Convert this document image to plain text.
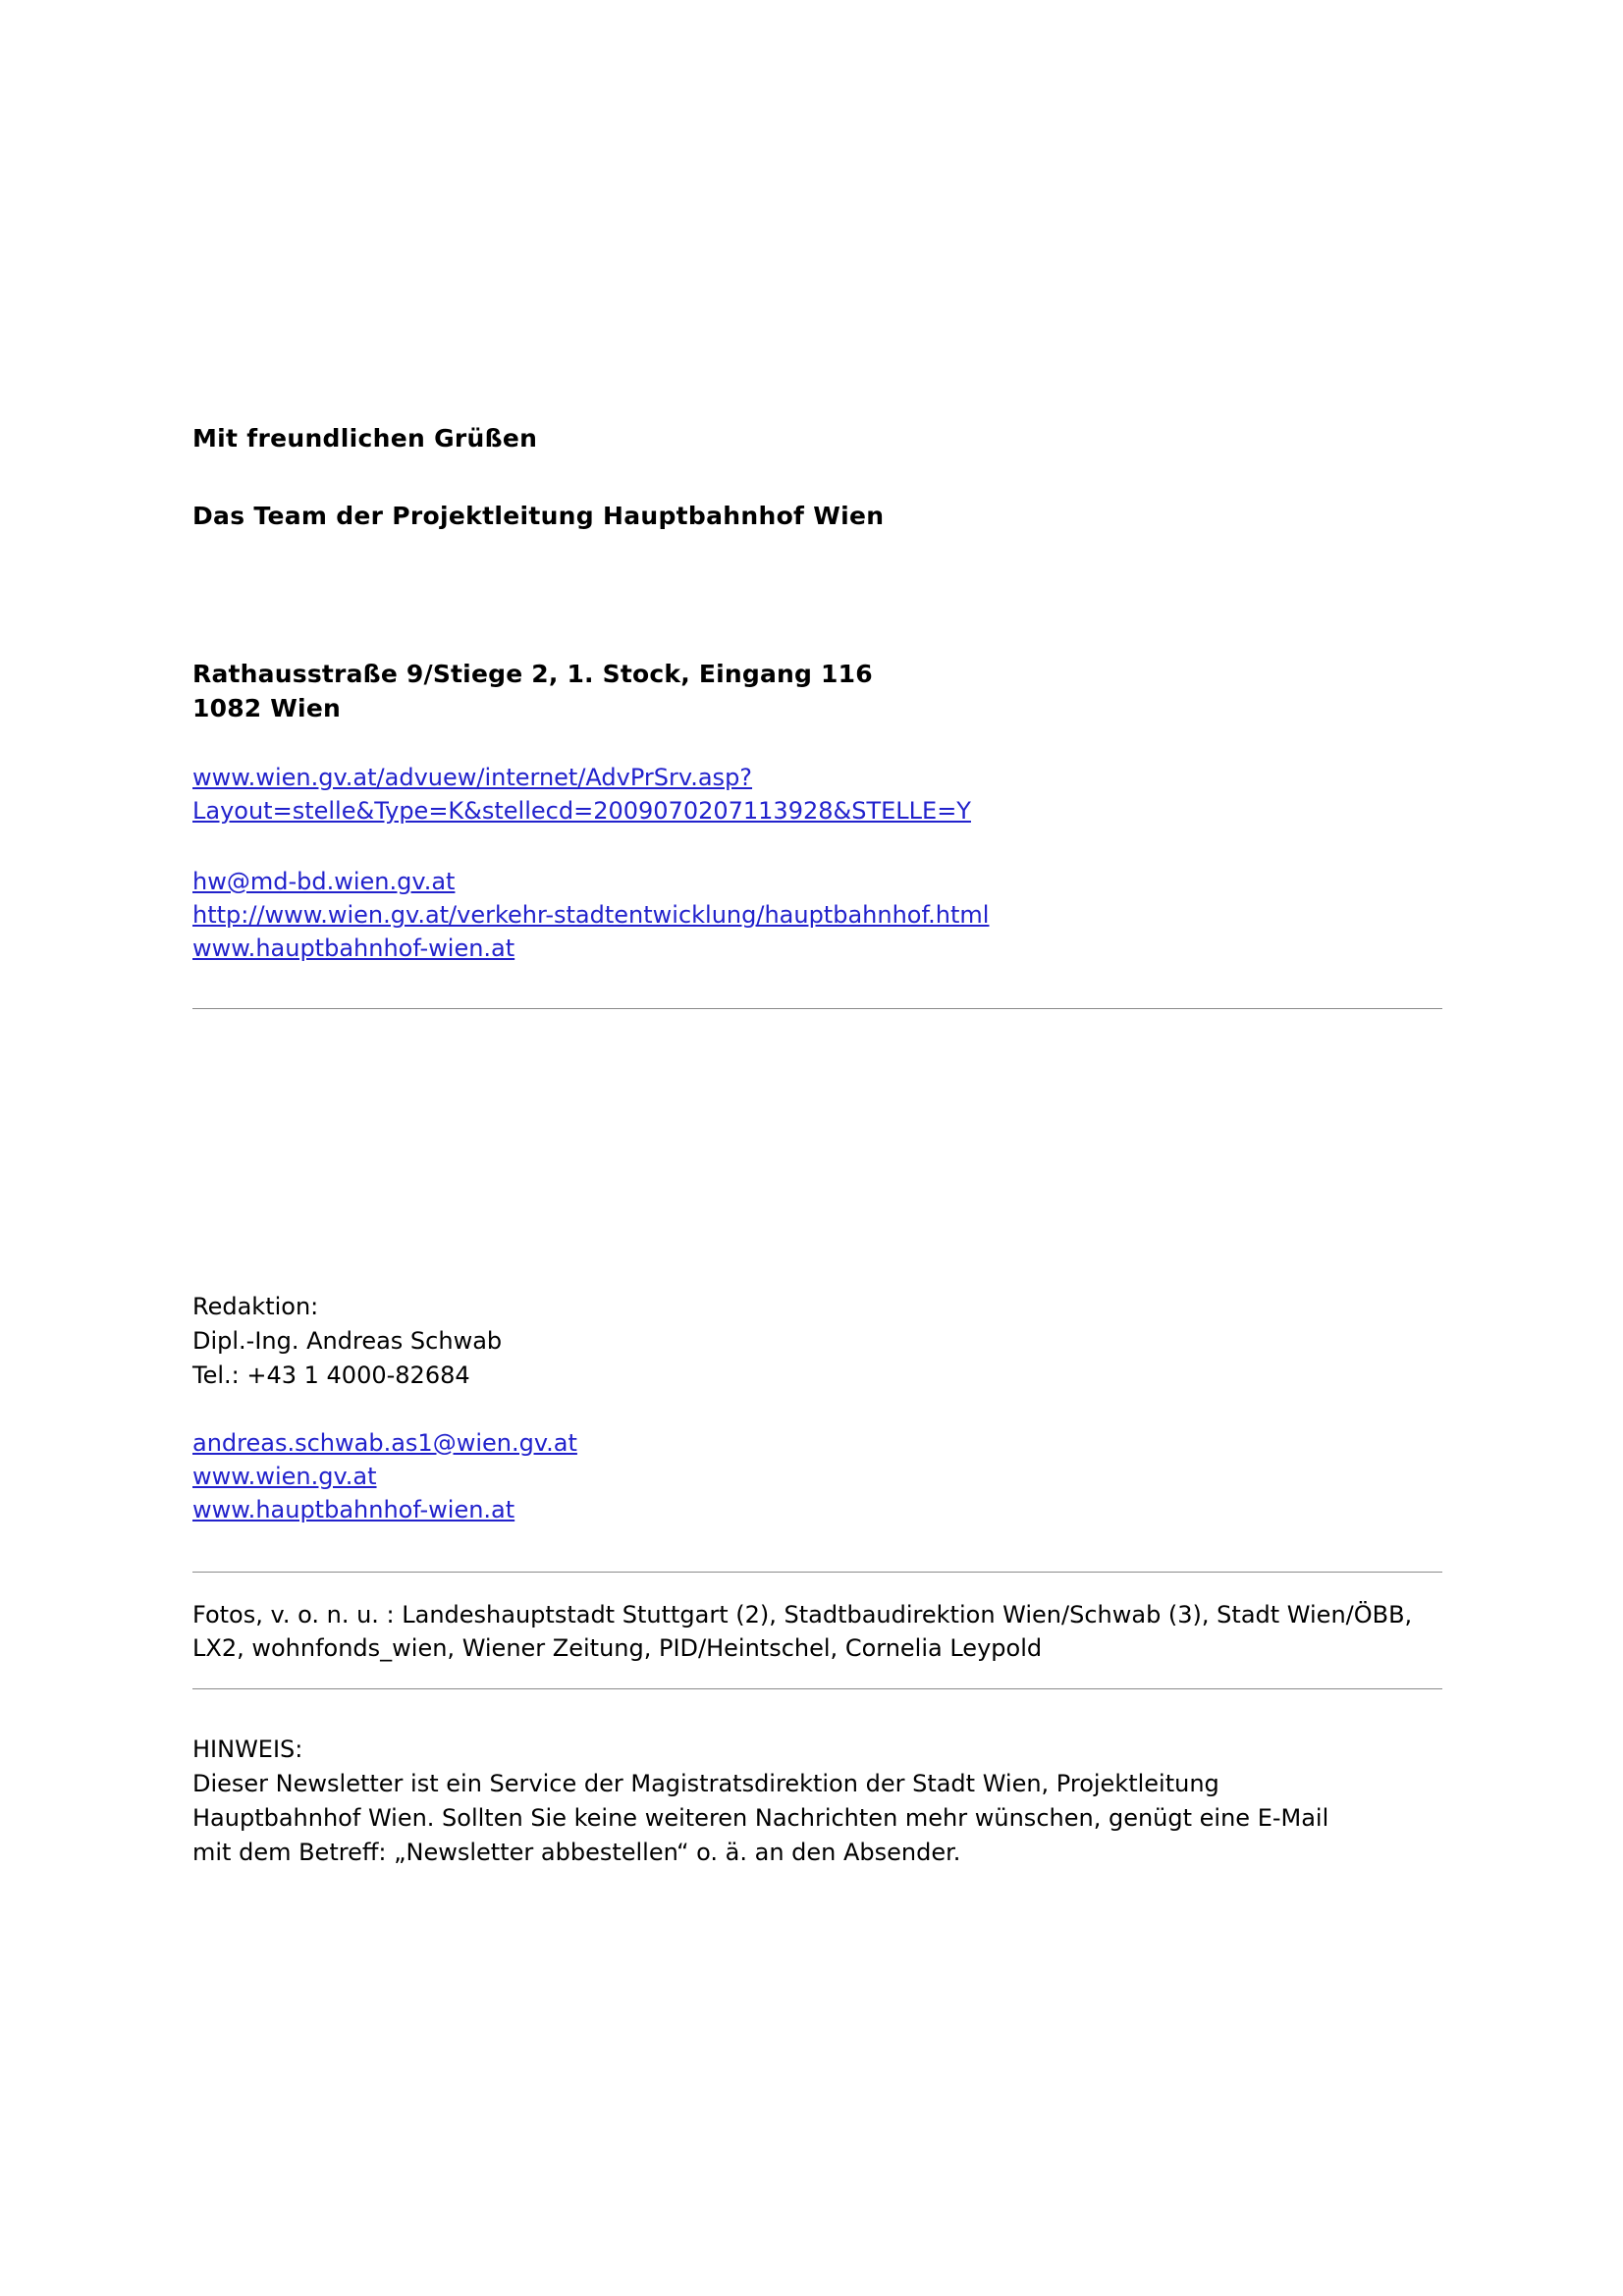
Mit freundlichen Grüßen

Das Team der Projektleitung Hauptbahnhof Wien

Rathausstraße 9/Stiege 2, 1. Stock, Eingang 116
1082 Wien
www.wien.gv.at/advuew/internet/AdvPrSrv.asp?
Layout=stelle&Type=K&stellecd=2009070207113928&STELLE=Y
hw@md-bd.wien.gv.at
http://www.wien.gv.at/verkehr-stadtentwicklung/hauptbahnhof.html
www.hauptbahnhof-wien.at
Redaktion:
Dipl.-Ing. Andreas Schwab
Tel.: +43 1 4000-82684
andreas.schwab.as1@wien.gv.at
www.wien.gv.at
www.hauptbahnhof-wien.at

Fotos, v. o. n. u. : Landeshauptstadt Stuttgart (2), Stadtbaudirektion Wien/Schwab (3), Stadt Wien/ÖBB, LX2, wohnfonds_wien, Wiener Zeitung, PID/Heintschel, Cornelia Leypold

HINWEIS:
Dieser Newsletter ist ein Service der Magistratsdirektion der Stadt Wien, Projektleitung
Hauptbahnhof Wien. Sollten Sie keine weiteren Nachrichten mehr wünschen, genügt eine E-Mail
mit dem Betreff: „Newsletter abbestellen“ o. ä. an den Absender.
